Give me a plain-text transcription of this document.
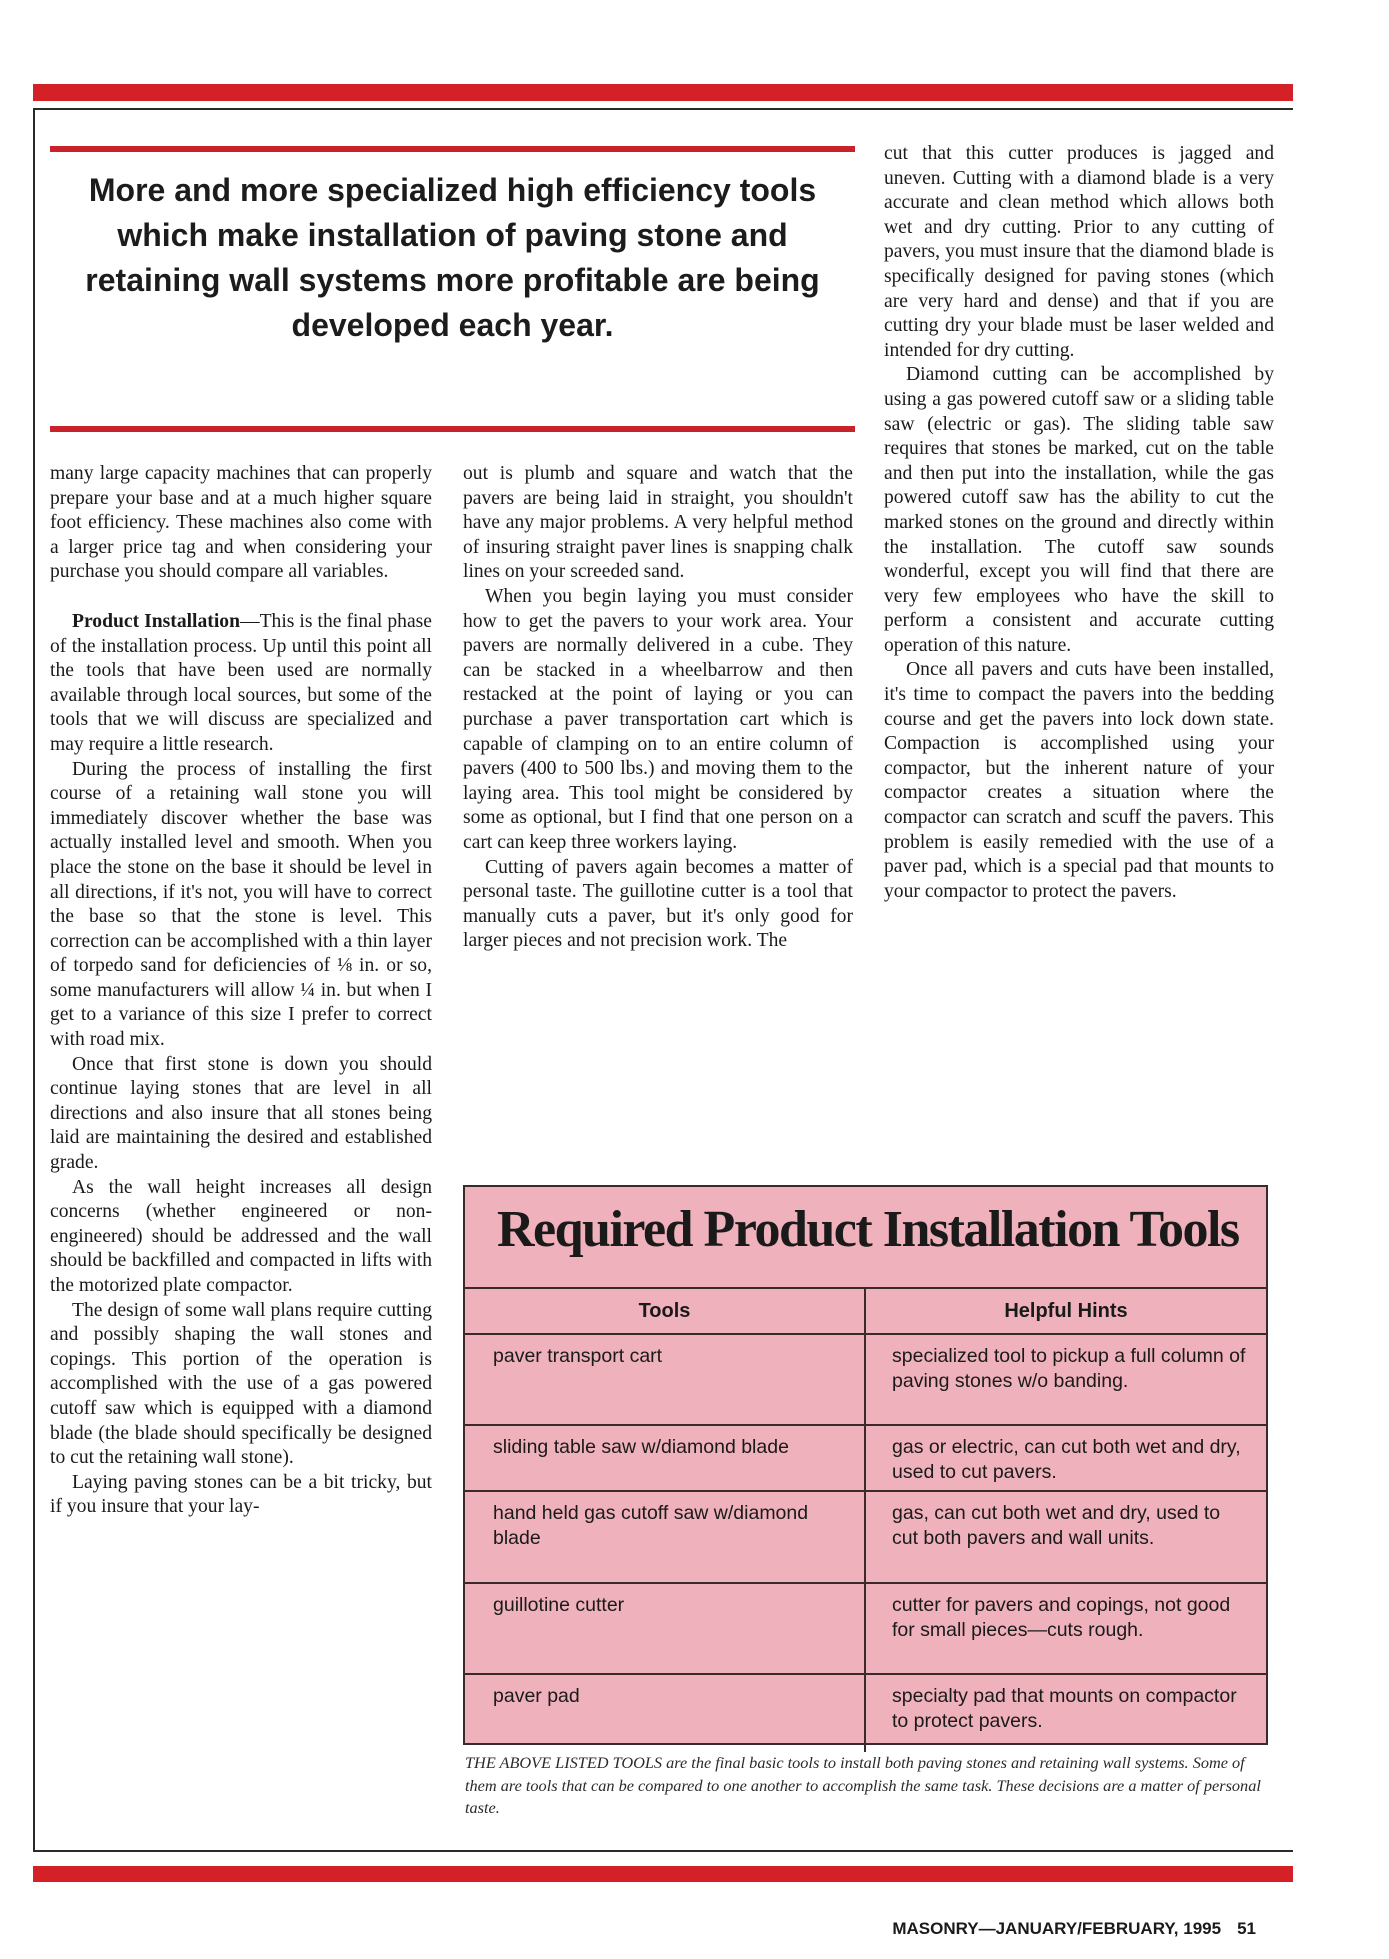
More and more specialized high efficiency tools which make installation of paving stone and retaining wall systems more profitable are being developed each year.

many large capacity machines that can properly prepare your base and at a much higher square foot efficiency. These machines also come with a larger price tag and when considering your purchase you should compare all variables.

Product Installation—This is the final phase of the installation process. Up until this point all the tools that have been used are normally available through local sources, but some of the tools that we will discuss are specialized and may require a little research.

During the process of installing the first course of a retaining wall stone you will immediately discover whether the base was actually installed level and smooth. When you place the stone on the base it should be level in all directions, if it's not, you will have to correct the base so that the stone is level. This correction can be accomplished with a thin layer of torpedo sand for deficiencies of ⅛ in. or so, some manufacturers will allow ¼ in. but when I get to a variance of this size I prefer to correct with road mix.

Once that first stone is down you should continue laying stones that are level in all directions and also insure that all stones being laid are maintaining the desired and established grade.

As the wall height increases all design concerns (whether engineered or non-engineered) should be addressed and the wall should be backfilled and compacted in lifts with the motorized plate compactor.

The design of some wall plans require cutting and possibly shaping the wall stones and copings. This portion of the operation is accomplished with the use of a gas powered cutoff saw which is equipped with a diamond blade (the blade should specifically be designed to cut the retaining wall stone).

Laying paving stones can be a bit tricky, but if you insure that your lay-

out is plumb and square and watch that the pavers are being laid in straight, you shouldn't have any major problems. A very helpful method of insuring straight paver lines is snapping chalk lines on your screeded sand.

When you begin laying you must consider how to get the pavers to your work area. Your pavers are normally delivered in a cube. They can be stacked in a wheelbarrow and then restacked at the point of laying or you can purchase a paver transportation cart which is capable of clamping on to an entire column of pavers (400 to 500 lbs.) and moving them to the laying area. This tool might be considered by some as optional, but I find that one person on a cart can keep three workers laying.

Cutting of pavers again becomes a matter of personal taste. The guillotine cutter is a tool that manually cuts a paver, but it's only good for larger pieces and not precision work. The

cut that this cutter produces is jagged and uneven. Cutting with a diamond blade is a very accurate and clean method which allows both wet and dry cutting. Prior to any cutting of pavers, you must insure that the diamond blade is specifically designed for paving stones (which are very hard and dense) and that if you are cutting dry your blade must be laser welded and intended for dry cutting.

Diamond cutting can be accomplished by using a gas powered cutoff saw or a sliding table saw (electric or gas). The sliding table saw requires that stones be marked, cut on the table and then put into the installation, while the gas powered cutoff saw has the ability to cut the marked stones on the ground and directly within the installation. The cutoff saw sounds wonderful, except you will find that there are very few employees who have the skill to perform a consistent and accurate cutting operation of this nature.

Once all pavers and cuts have been installed, it's time to compact the pavers into the bedding course and get the pavers into lock down state. Compaction is accomplished using your compactor, but the inherent nature of your compactor creates a situation where the compactor can scratch and scuff the pavers. This problem is easily remedied with the use of a paver pad, which is a special pad that mounts to your compactor to protect the pavers.

Required Product Installation Tools
Tools	Helpful Hints
paver transport cart	specialized tool to pickup a full column of paving stones w/o banding.
sliding table saw w/diamond blade	gas or electric, can cut both wet and dry, used to cut pavers.
hand held gas cutoff saw w/diamond blade	gas, can cut both wet and dry, used to cut both pavers and wall units.
guillotine cutter	cutter for pavers and copings, not good for small pieces—cuts rough.
paver pad	specialty pad that mounts on compactor to protect pavers.
THE ABOVE LISTED TOOLS are the final basic tools to install both paving stones and retaining wall systems. Some of them are tools that can be compared to one another to accomplish the same task. These decisions are a matter of personal taste.
MASONRY—JANUARY/FEBRUARY, 1995 51
